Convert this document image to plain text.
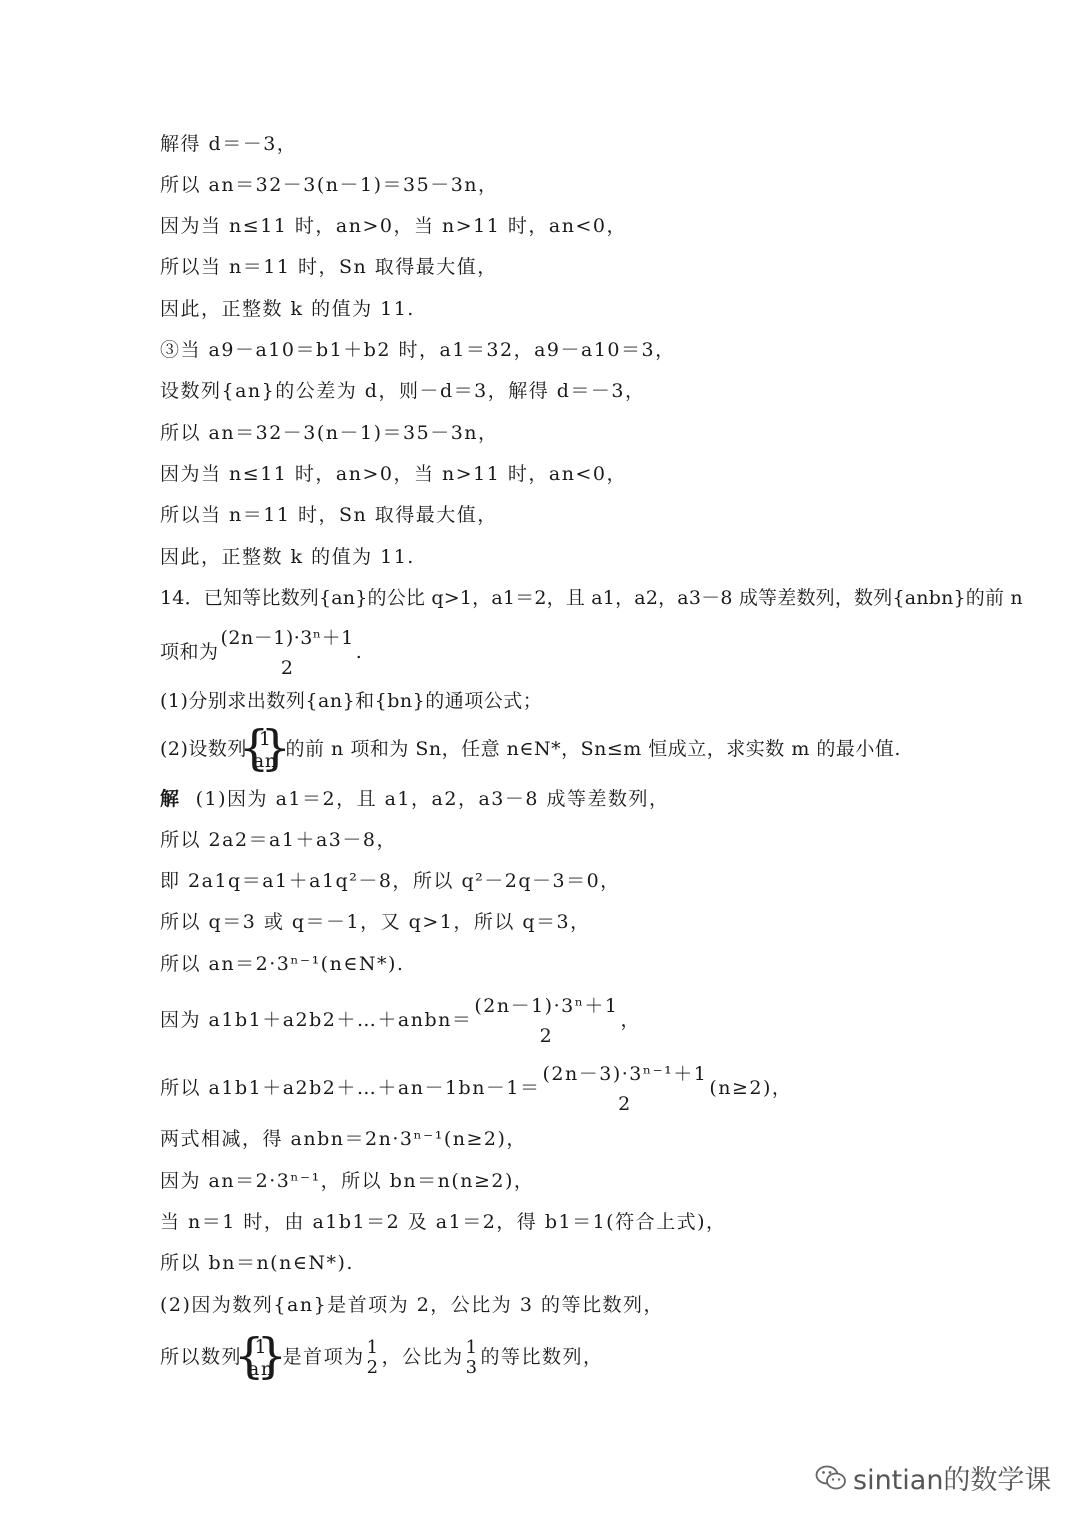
解得 d＝－3，
所以 an＝32－3(n－1)＝35－3n，
因为当 n≤11 时，an>0，当 n>11 时，an<0，
所以当 n＝11 时，Sn 取得最大值，
因此，正整数 k 的值为 11.
③当 a9－a10＝b1＋b2 时，a1＝32，a9－a10＝3，
设数列{an}的公差为 d，则－d＝3，解得 d＝－3，
所以 an＝32－3(n－1)＝35－3n，
因为当 n≤11 时，an>0，当 n>11 时，an<0，
所以当 n＝11 时，Sn 取得最大值，
因此，正整数 k 的值为 11.
14．已知等比数列{an}的公比 q>1，a1＝2，且 a1，a2，a3－8 成等差数列，数列{anbn}的前 n
项和为
(2n－1)·3ⁿ＋1
2
.
(1)分别求出数列{an}和{bn}的通项公式；
(2)设数列 { 1
an
}的前 n 项和为 Sn，任意 n∈N*，Sn≤m 恒成立，求实数 m 的最小值.
解 (1)因为 a1＝2，且 a1，a2，a3－8 成等差数列，
所以 2a2＝a1＋a3－8，
即 2a1q＝a1＋a1q²－8，所以 q²－2q－3＝0，
所以 q＝3 或 q＝－1，又 q>1，所以 q＝3，
所以 an＝2·3ⁿ⁻¹(n∈N*).
因为 a1b1＋a2b2＋…＋anbn＝
(2n－1)·3ⁿ＋1
2
，
所以 a1b1＋a2b2＋…＋an－1bn－1＝
(2n－3)·3ⁿ⁻¹＋1
2
(n≥2)，
两式相减，得 anbn＝2n·3ⁿ⁻¹(n≥2)，
因为 an＝2·3ⁿ⁻¹，所以 bn＝n(n≥2)，
当 n＝1 时，由 a1b1＝2 及 a1＝2，得 b1＝1(符合上式)，
所以 bn＝n(n∈N*).
(2)因为数列{an}是首项为 2，公比为 3 的等比数列，
所以数列 { 1
an
}是首项为 1
2 ，公比为 1
3 的等比数列，
sintian的数学课
